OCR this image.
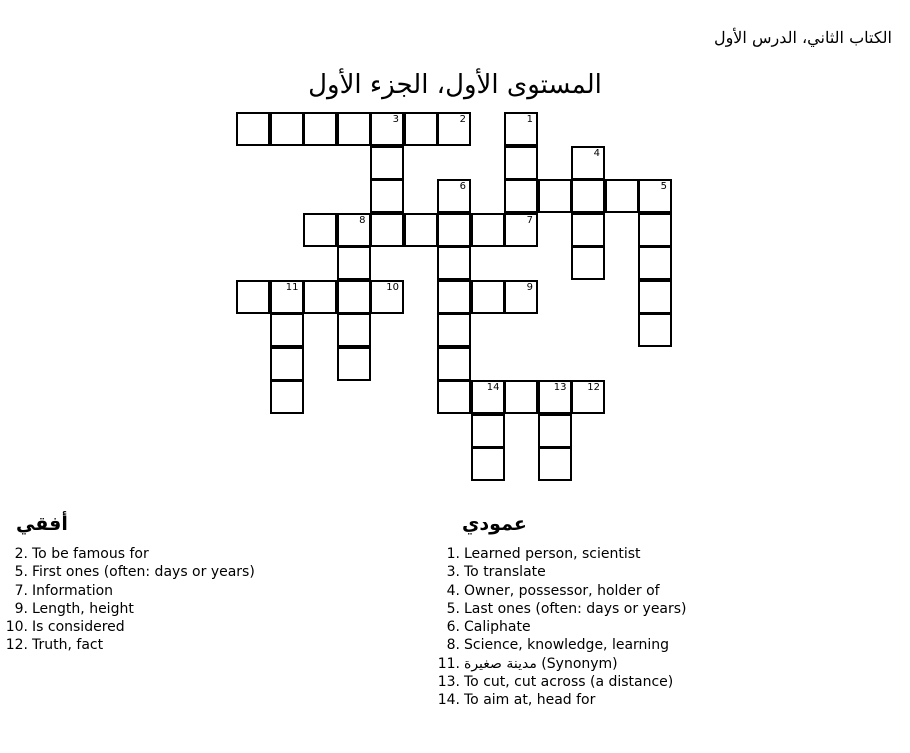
الكتاب الثاني، الدرس الأول
المستوى الأول، الجزء الأول
3	2	1
4
6	5
8	7
11	10	9
14	13 12
أفقي
2. To be famous for
5. First ones (often: days or years)
7. Information
9. Length, height
10. Is considered
12. Truth, fact
عمودي
1. Learned person, scientist
3. To translate
4. Owner, possessor, holder of
5. Last ones (often: days or years)
6. Caliphate
8. Science, knowledge, learning
11. مدينة صغيرة (Synonym)
13. To cut, cut across (a distance)
14. To aim at, head for
